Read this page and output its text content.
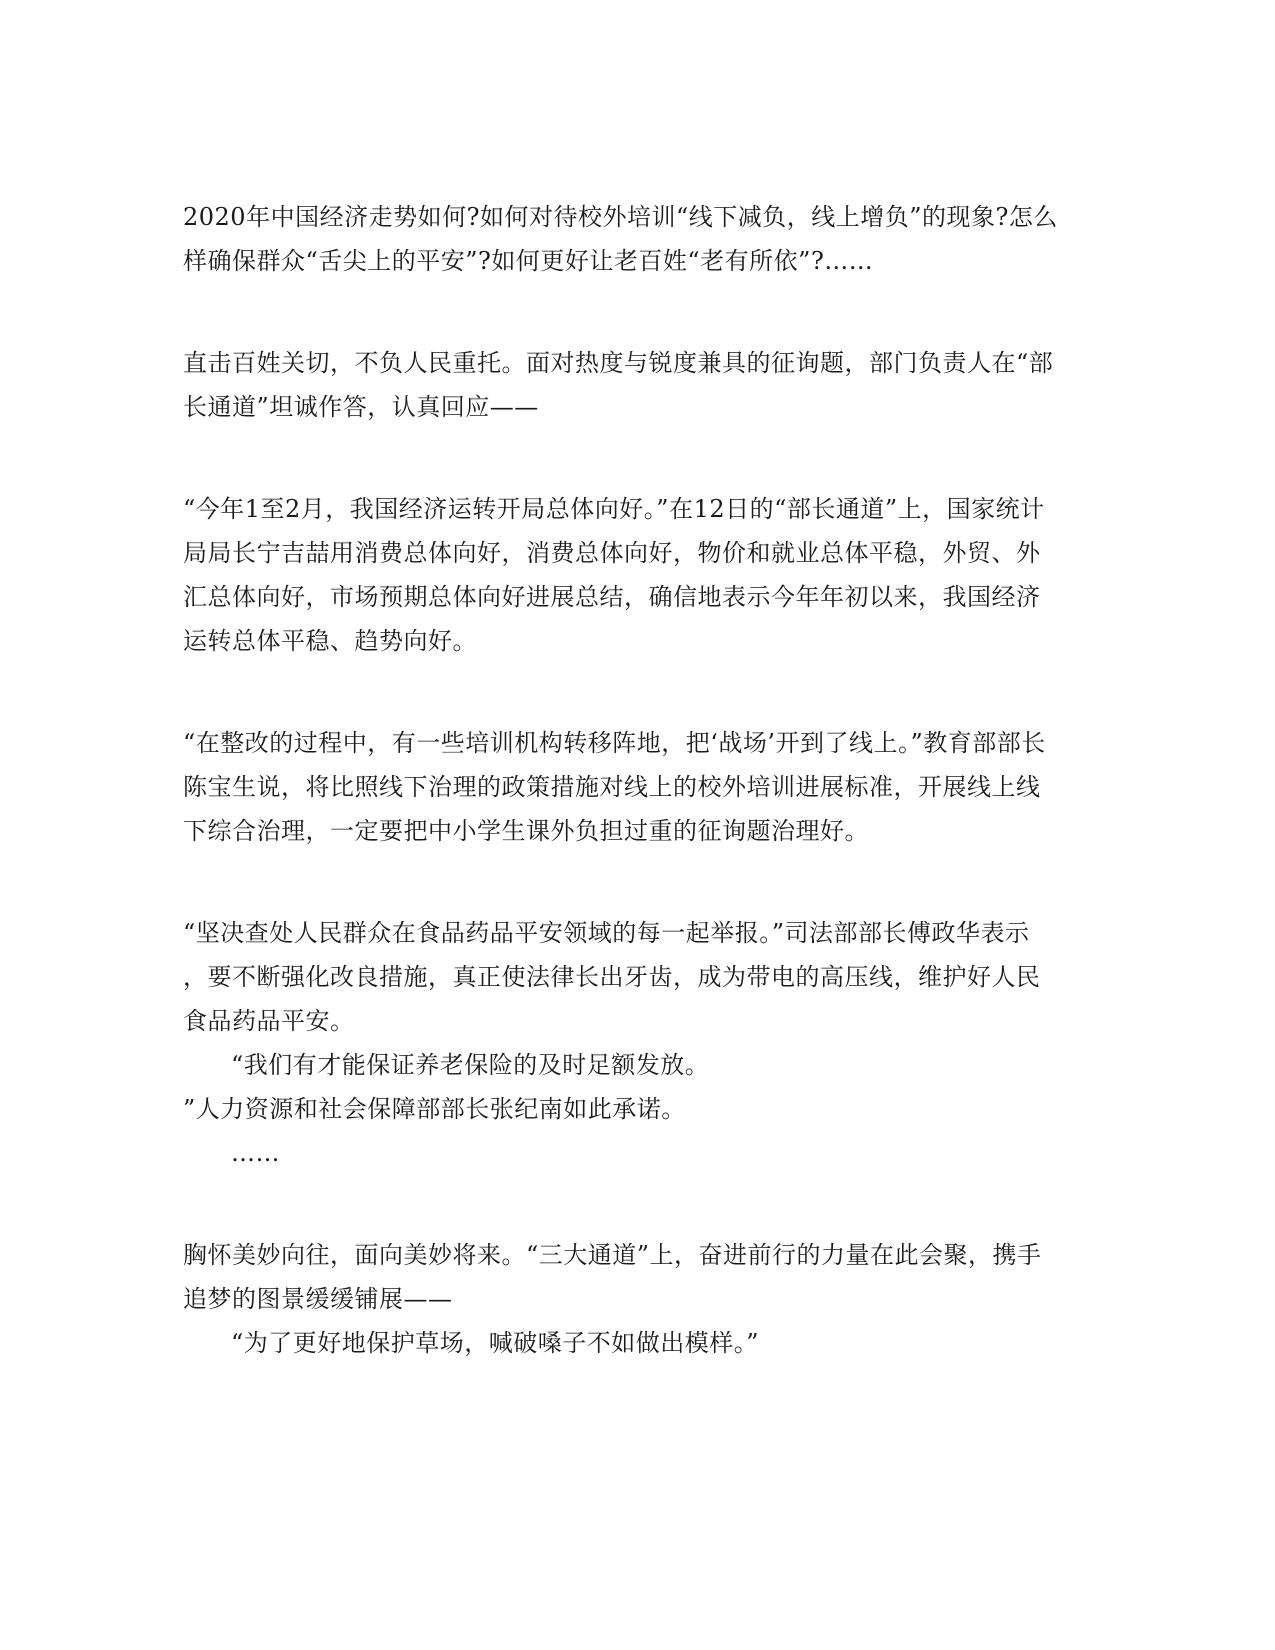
2020年中国经济走势如何?如何对待校外培训“线下减负，线上增负”的现象?怎么
样确保群众“舌尖上的平安”?如何更好让老百姓“老有所依”?……
直击百姓关切，不负人民重托。面对热度与锐度兼具的征询题，部门负责人在“部
长通道”坦诚作答，认真回应——
“今年1至2月，我国经济运转开局总体向好。”在12日的“部长通道”上，国家统计
局局长宁吉喆用消费总体向好，消费总体向好，物价和就业总体平稳，外贸、外
汇总体向好，市场预期总体向好进展总结，确信地表示今年年初以来，我国经济
运转总体平稳、趋势向好。
“在整改的过程中，有一些培训机构转移阵地，把‘战场’开到了线上。”教育部部长
陈宝生说，将比照线下治理的政策措施对线上的校外培训进展标准，开展线上线
下综合治理，一定要把中小学生课外负担过重的征询题治理好。
“坚决查处人民群众在食品药品平安领域的每一起举报。”司法部部长傅政华表示
，要不断强化改良措施，真正使法律长出牙齿，成为带电的高压线，维护好人民
食品药品平安。
“我们有才能保证养老保险的及时足额发放。
”人力资源和社会保障部部长张纪南如此承诺。
……
胸怀美妙向往，面向美妙将来。“三大通道”上，奋进前行的力量在此会聚，携手
追梦的图景缓缓铺展——
“为了更好地保护草场，喊破嗓子不如做出模样。”
